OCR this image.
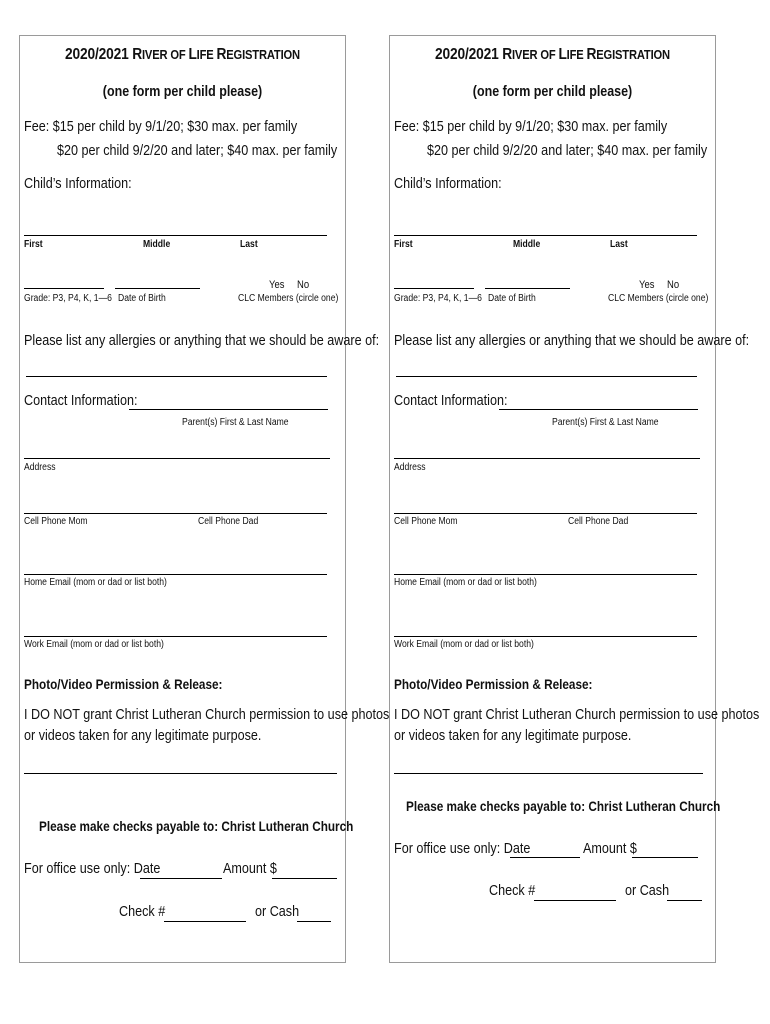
2020/2021 RIVER OF LIFE REGISTRATION
(one form per child please)
Fee: $15 per child by 9/1/20; $30 max. per family
$20 per child 9/2/20 and later; $40 max. per family
Child’s Information:
First	Middle	Last
Yes No
Grade: P3, P4, K, 1—6 Date of Birth	CLC Members (circle one)
Please list any allergies or anything that we should be aware of:
Contact Information:
Parent(s) First & Last Name
Address
Cell Phone Mom	Cell Phone Dad
Home Email (mom or dad or list both)
Work Email (mom or dad or list both)
Photo/Video Permission & Release:
I DO NOT grant Christ Lutheran Church permission to use photos
or videos taken for any legitimate purpose.
Please make checks payable to: Christ Lutheran Church
For office use only: Date	Amount $
Check #	or Cash
2020/2021 RIVER OF LIFE REGISTRATION
(one form per child please)
Fee: $15 per child by 9/1/20; $30 max. per family
$20 per child 9/2/20 and later; $40 max. per family
Child’s Information:
First	Middle	Last
Yes No
Grade: P3, P4, K, 1—6 Date of Birth	CLC Members (circle one)
Please list any allergies or anything that we should be aware of:
Contact Information:
Parent(s) First & Last Name
Address
Cell Phone Mom	Cell Phone Dad
Home Email (mom or dad or list both)
Work Email (mom or dad or list both)
Photo/Video Permission & Release:
I DO NOT grant Christ Lutheran Church permission to use photos
or videos taken for any legitimate purpose.
Please make checks payable to: Christ Lutheran Church
For office use only: Date	Amount $
Check #	or Cash
